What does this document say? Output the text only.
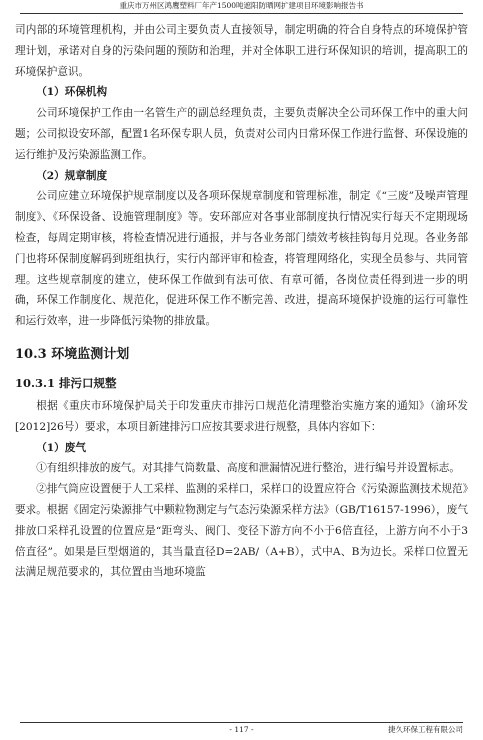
重庆市万州区鸿鹰塑料厂年产1500吨遮阳防晒网扩建项目环境影响报告书

司内部的环境管理机构，并由公司主要负责人直接领导，制定明确的符合自身特点的环境保护管理计划，承诺对自身的污染问题的预防和治理，并对全体职工进行环保知识的培训，提高职工的环境保护意识。

（1）环保机构

公司环境保护工作由一名管生产的副总经理负责，主要负责解决全公司环保工作中的重大问题；公司拟设安环部，配置1名环保专职人员，负责对公司内日常环保工作进行监督、环保设施的运行维护及污染源监测工作。

（2）规章制度

公司应建立环境保护规章制度以及各项环保规章制度和管理标准，制定《“三废”及噪声管理制度》、《环保设备、设施管理制度》等。安环部应对各事业部制度执行情况实行每天不定期现场检查，每周定期审核，将检查情况进行通报，并与各业务部门绩效考核挂钩每月兑现。各业务部门也将环保制度解码到班组执行，实行内部评审和检查，将管理网络化，实现全员参与、共同管理。这些规章制度的建立，使环保工作做到有法可依、有章可循，各岗位责任得到进一步的明确，环保工作制度化、规范化，促进环保工作不断完善、改进，提高环境保护设施的运行可靠性和运行效率，进一步降低污染物的排放量。

10.3 环境监测计划
10.3.1 排污口规整

根据《重庆市环境保护局关于印发重庆市排污口规范化清理整治实施方案的通知》（渝环发[2012]26号）要求，本项目新建排污口应按其要求进行规整，具体内容如下：

（1）废气

①有组织排放的废气。对其排气筒数量、高度和泄漏情况进行整治，进行编号并设置标志。

②排气筒应设置便于人工采样、监测的采样口，采样口的设置应符合《污染源监测技术规范》要求。根据《固定污染源排气中颗粒物测定与气态污染源采样方法》（GB/T16157-1996），废气排放口采样孔设置的位置应是“距弯头、阀门、变径下游方向不小于6倍直径，上游方向不小于3倍直径”。如果是巨型烟道的，其当量直径D=2AB/（A+B），式中A、B为边长。采样口位置无法满足规范要求的，其位置由当地环境监

- 117 -	捷久环保工程有限公司
